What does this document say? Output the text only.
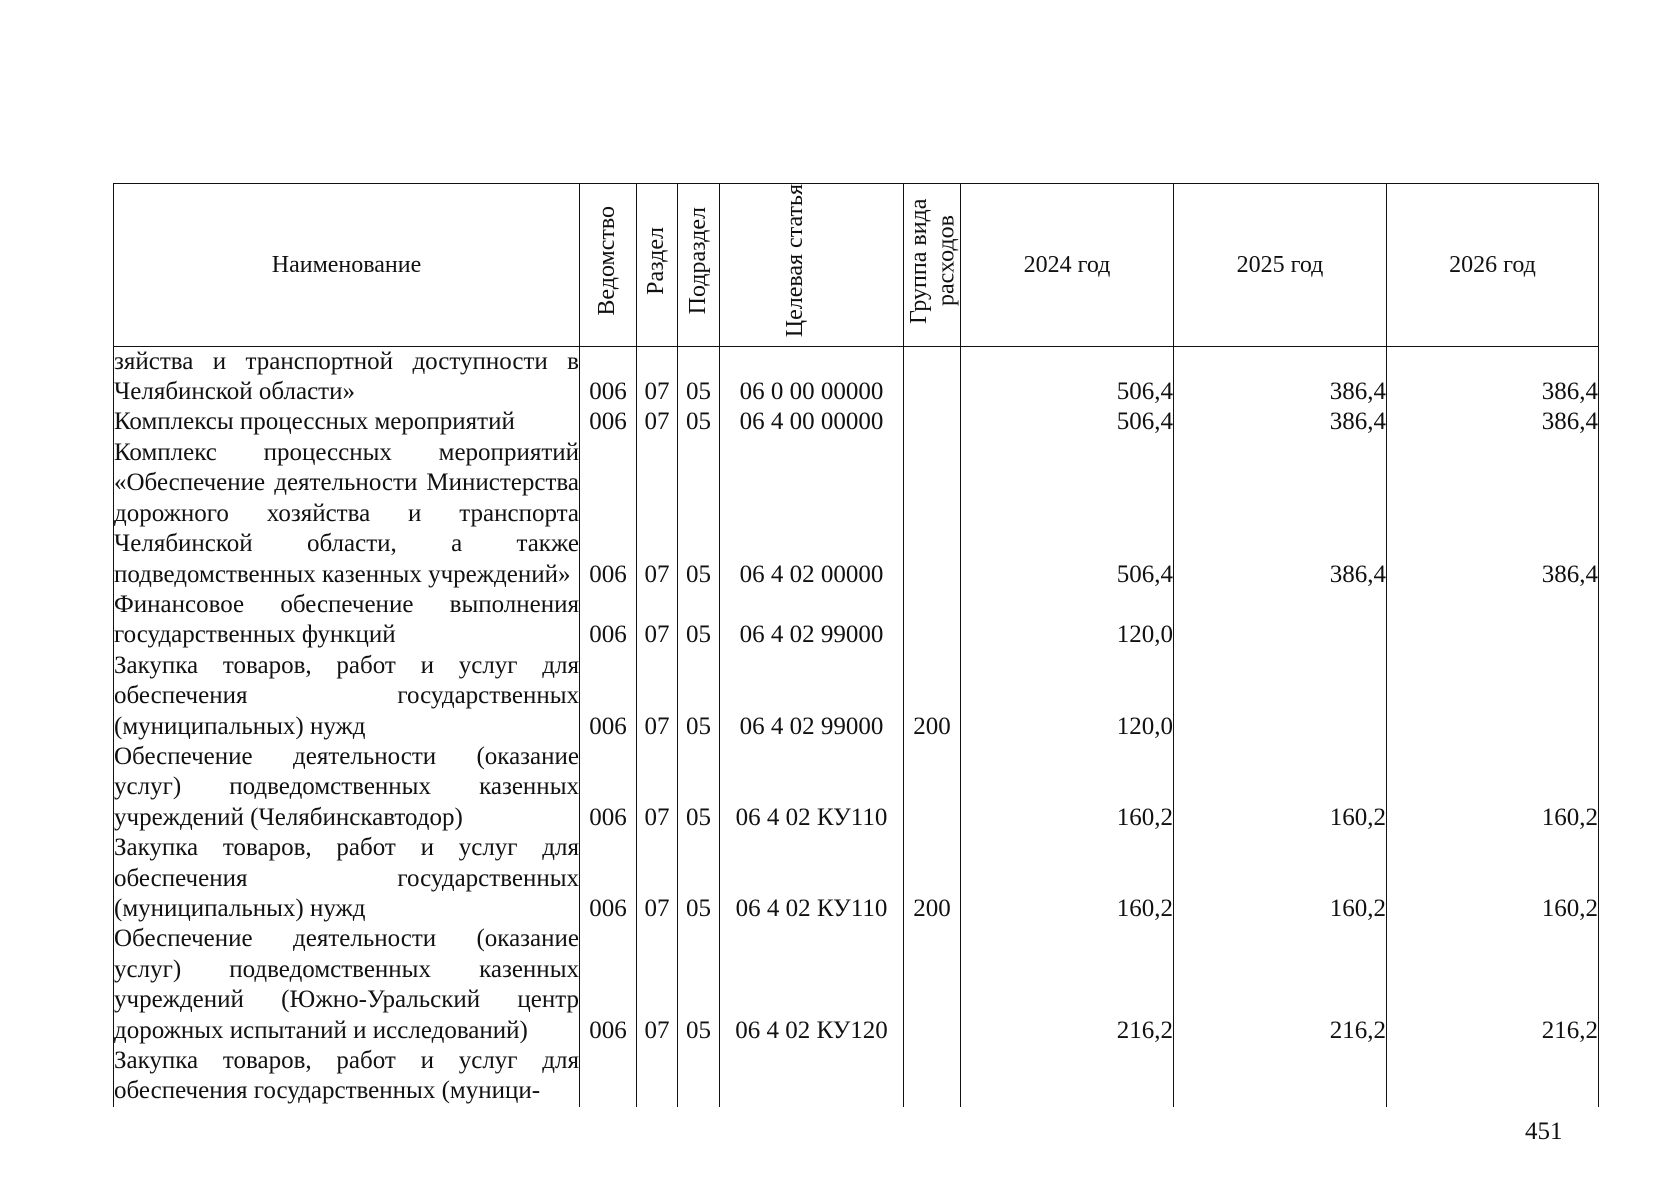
Наименование	Ведомство	Раздел	Подраздел	Целевая статья	Группа вида расходов	2024 год	2025 год	2026 год
зяйства и транспортной доступности в Челябинской области»	006	07	05	06 0 00 00000		506,4	386,4	386,4
Комплексы процессных мероприятий	006	07	05	06 4 00 00000		506,4	386,4	386,4
Комплекс процессных мероприятий «Обеспечение деятельности Министерства дорожного хозяйства и транспорта Челябинской области, а также подведомственных казенных учреждений»	006	07	05	06 4 02 00000		506,4	386,4	386,4
Финансовое обеспечение выполнения государственных функций	006	07	05	06 4 02 99000		120,0		
Закупка товаров, работ и услуг для обеспечения государственных (муниципальных) нужд	006	07	05	06 4 02 99000	200	120,0		
Обеспечение деятельности (оказание услуг) подведомственных казенных учреждений (Челябинскавтодор)	006	07	05	06 4 02 КУ110		160,2	160,2	160,2
Закупка товаров, работ и услуг для обеспечения государственных (муниципальных) нужд	006	07	05	06 4 02 КУ110	200	160,2	160,2	160,2
Обеспечение деятельности (оказание услуг) подведомственных казенных учреждений (Южно-Уральский центр дорожных испытаний и исследований)	006	07	05	06 4 02 КУ120		216,2	216,2	216,2
Закупка товаров, работ и услуг для обеспечения государственных (муници-								
451
